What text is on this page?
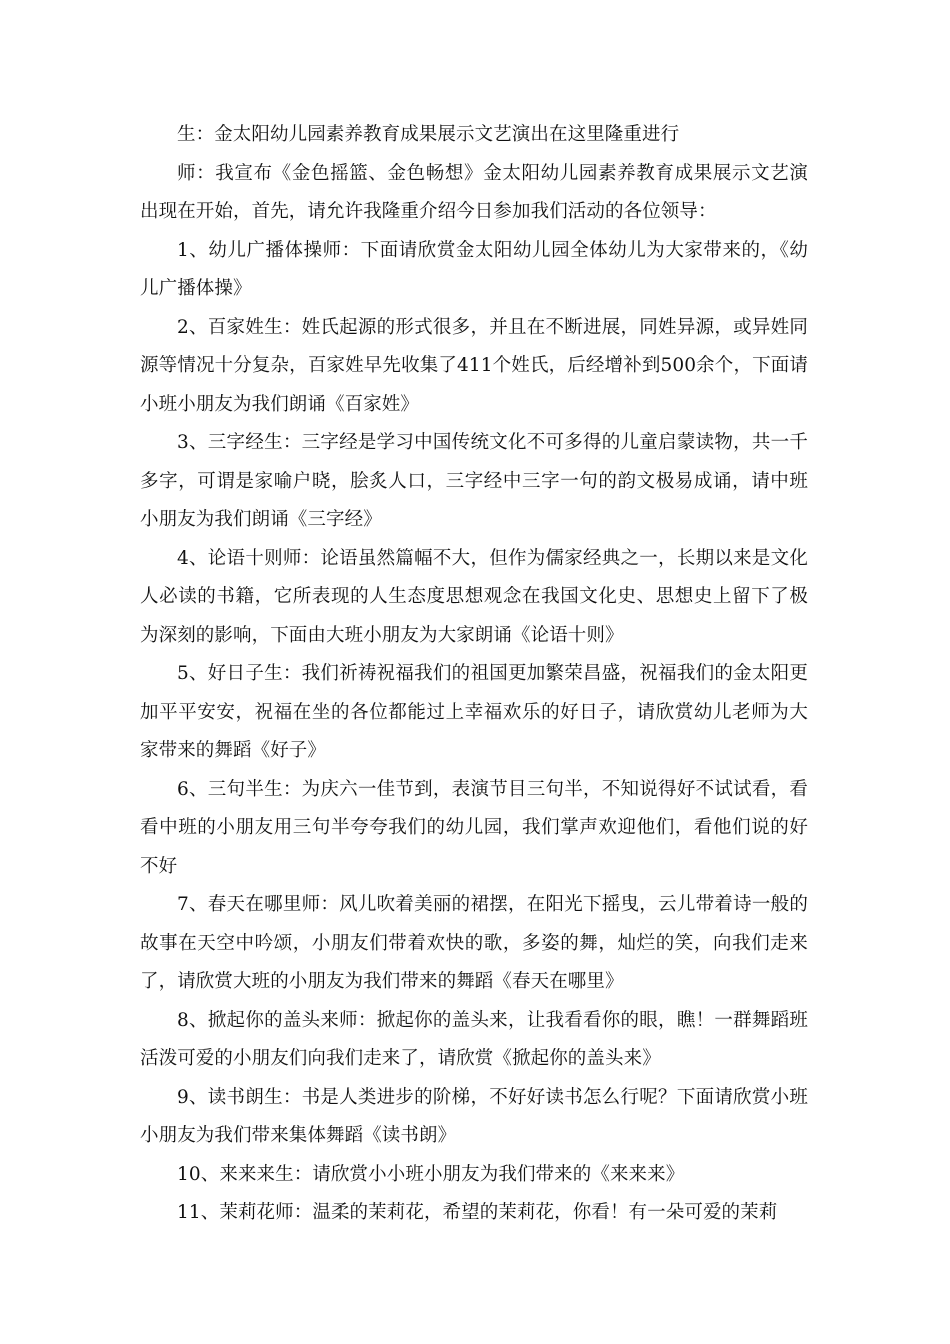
生：金太阳幼儿园素养教育成果展示文艺演出在这里隆重进行

师：我宣布《金色摇篮、金色畅想》金太阳幼儿园素养教育成果展示文艺演出现在开始，首先，请允许我隆重介绍今日参加我们活动的各位领导：

1、幼儿广播体操师：下面请欣赏金太阳幼儿园全体幼儿为大家带来的，《幼儿广播体操》

2、百家姓生：姓氏起源的形式很多，并且在不断进展，同姓异源，或异姓同源等情况十分复杂，百家姓早先收集了411个姓氏，后经增补到500余个，下面请小班小朋友为我们朗诵《百家姓》

3、三字经生：三字经是学习中国传统文化不可多得的儿童启蒙读物，共一千多字，可谓是家喻户晓，脍炙人口，三字经中三字一句的韵文极易成诵，请中班小朋友为我们朗诵《三字经》

4、论语十则师：论语虽然篇幅不大，但作为儒家经典之一，长期以来是文化人必读的书籍，它所表现的人生态度思想观念在我国文化史、思想史上留下了极为深刻的影响，下面由大班小朋友为大家朗诵《论语十则》

5、好日子生：我们祈祷祝福我们的祖国更加繁荣昌盛，祝福我们的金太阳更加平平安安，祝福在坐的各位都能过上幸福欢乐的好日子，请欣赏幼儿老师为大家带来的舞蹈《好子》

6、三句半生：为庆六一佳节到，表演节目三句半，不知说得好不试试看，看看中班的小朋友用三句半夸夸我们的幼儿园，我们掌声欢迎他们，看他们说的好不好

7、春天在哪里师：风儿吹着美丽的裙摆，在阳光下摇曳，云儿带着诗一般的故事在天空中吟颂，小朋友们带着欢快的歌，多姿的舞，灿烂的笑，向我们走来了，请欣赏大班的小朋友为我们带来的舞蹈《春天在哪里》

8、掀起你的盖头来师：掀起你的盖头来，让我看看你的眼，瞧！一群舞蹈班活泼可爱的小朋友们向我们走来了，请欣赏《掀起你的盖头来》

9、读书朗生：书是人类进步的阶梯，不好好读书怎么行呢？下面请欣赏小班小朋友为我们带来集体舞蹈《读书朗》

10、来来来生：请欣赏小小班小朋友为我们带来的《来来来》

11、茉莉花师：温柔的茉莉花，希望的茉莉花，你看！有一朵可爱的茉莉
